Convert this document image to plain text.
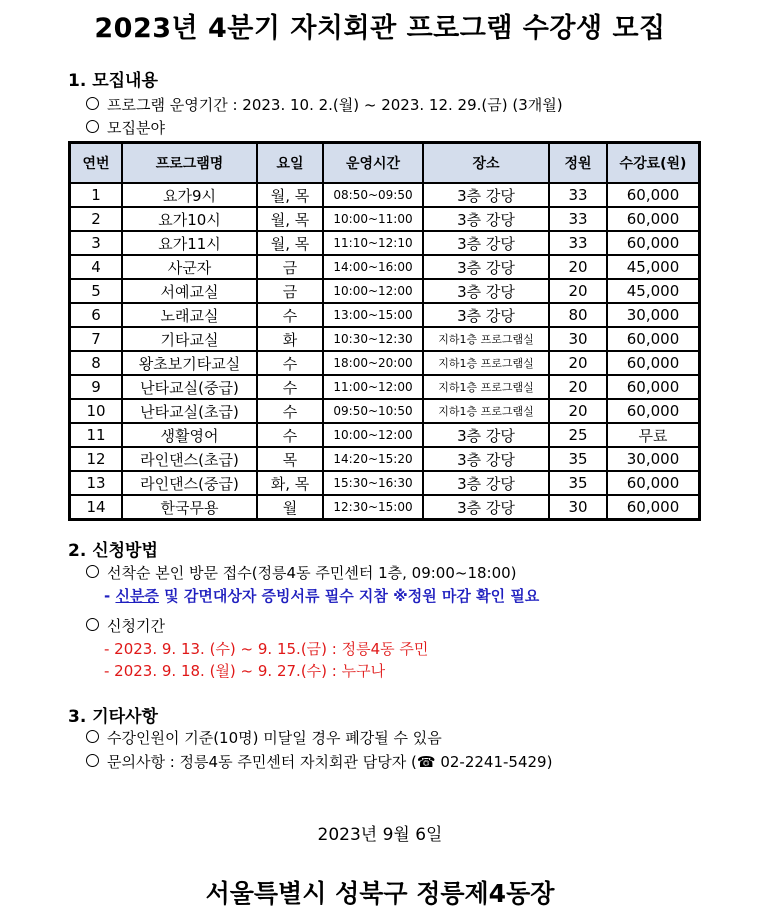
2023년 4분기 자치회관 프로그램 수강생 모집
1. 모집내용
프로그램 운영기간 : 2023. 10. 2.(월) ~ 2023. 12. 29.(금) (3개월)
모집분야
연번	프로그램명	요일	운영시간	장소	정원	수강료(원)
1	요가9시	월, 목	08:50~09:50	3층 강당	33	60,000
2	요가10시	월, 목	10:00~11:00	3층 강당	33	60,000
3	요가11시	월, 목	11:10~12:10	3층 강당	33	60,000
4	사군자	금	14:00~16:00	3층 강당	20	45,000
5	서예교실	금	10:00~12:00	3층 강당	20	45,000
6	노래교실	수	13:00~15:00	3층 강당	80	30,000
7	기타교실	화	10:30~12:30	지하1층 프로그램실	30	60,000
8	왕초보기타교실	수	18:00~20:00	지하1층 프로그램실	20	60,000
9	난타교실(중급)	수	11:00~12:00	지하1층 프로그램실	20	60,000
10	난타교실(초급)	수	09:50~10:50	지하1층 프로그램실	20	60,000
11	생활영어	수	10:00~12:00	3층 강당	25	무료
12	라인댄스(초급)	목	14:20~15:20	3층 강당	35	30,000
13	라인댄스(중급)	화, 목	15:30~16:30	3층 강당	35	60,000
14	한국무용	월	12:30~15:00	3층 강당	30	60,000
2. 신청방법
선착순 본인 방문 접수(정릉4동 주민센터 1층, 09:00~18:00)
- 신분증 및 감면대상자 증빙서류 필수 지참 ※정원 마감 확인 필요
신청기간
- 2023. 9. 13. (수) ~ 9. 15.(금) : 정릉4동 주민
- 2023. 9. 18. (월) ~ 9. 27.(수) : 누구나
3. 기타사항
수강인원이 기준(10명) 미달일 경우 폐강될 수 있음
문의사항 : 정릉4동 주민센터 자치회관 담당자 (☎ 02-2241-5429)
2023년 9월 6일
서울특별시 성북구 정릉제4동장
